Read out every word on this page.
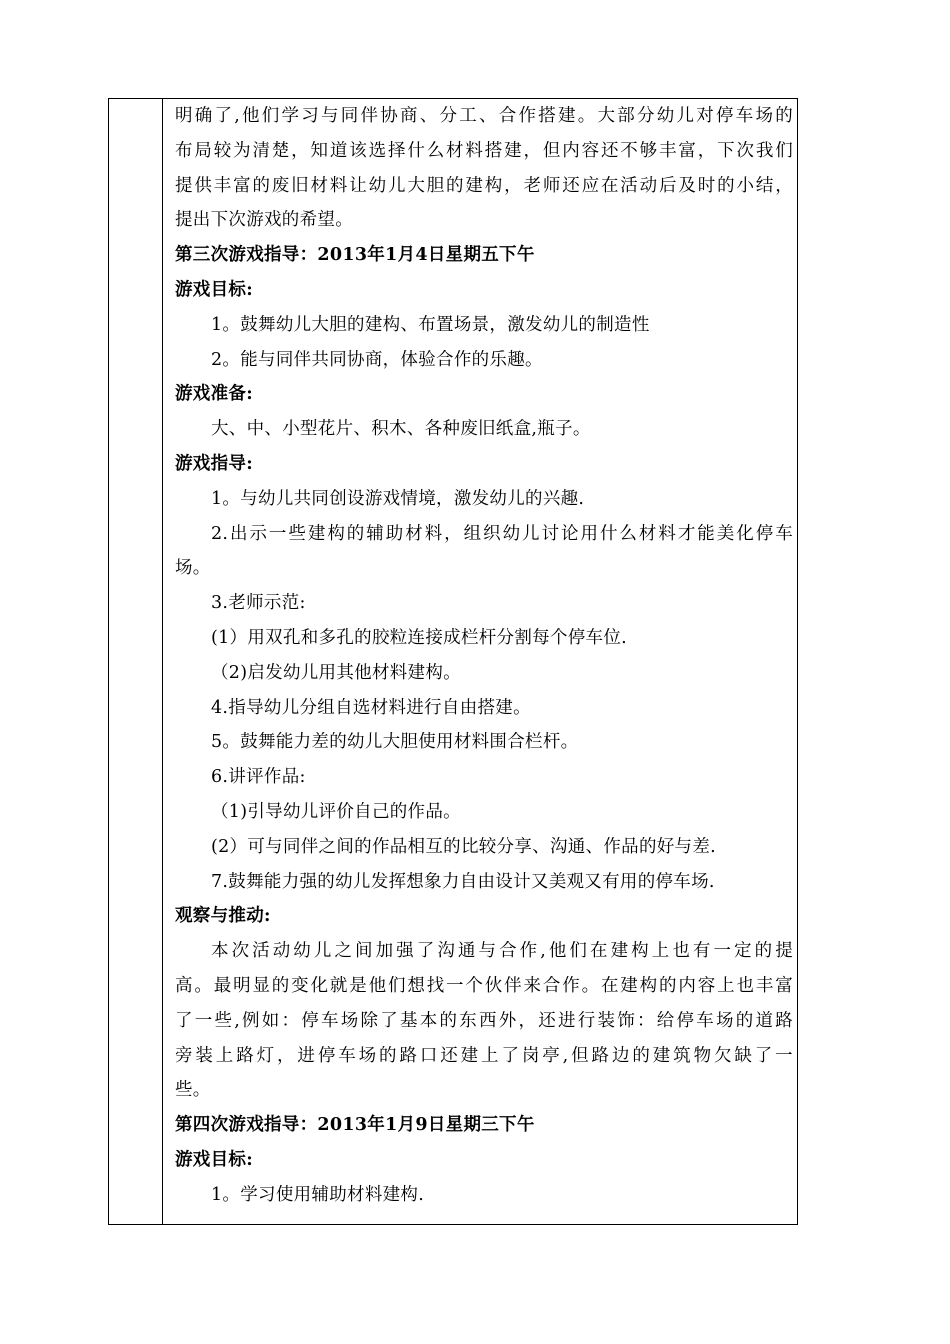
明确了,他们学习与同伴协商、分工、合作搭建。大部分幼儿对停车场的
布局较为清楚，知道该选择什么材料搭建，但内容还不够丰富，下次我们
提供丰富的废旧材料让幼儿大胆的建构，老师还应在活动后及时的小结，
提出下次游戏的希望。
第三次游戏指导：2013年1月4日星期五下午
游戏目标:
1。鼓舞幼儿大胆的建构、布置场景，激发幼儿的制造性
2。能与同伴共同协商，体验合作的乐趣。
游戏准备:
大、中、小型花片、积木、各种废旧纸盒,瓶子。
游戏指导:
1。与幼儿共同创设游戏情境，激发幼儿的兴趣.
2.出示一些建构的辅助材料，组织幼儿讨论用什么材料才能美化停车
场。
3.老师示范:
(1）用双孔和多孔的胶粒连接成栏杆分割每个停车位.
（2)启发幼儿用其他材料建构。
4.指导幼儿分组自选材料进行自由搭建。
5。鼓舞能力差的幼儿大胆使用材料围合栏杆。
6.讲评作品:
（1)引导幼儿评价自己的作品。
(2）可与同伴之间的作品相互的比较分享、沟通、作品的好与差.
7.鼓舞能力强的幼儿发挥想象力自由设计又美观又有用的停车场.
观察与推动:
本次活动幼儿之间加强了沟通与合作,他们在建构上也有一定的提
高。最明显的变化就是他们想找一个伙伴来合作。在建构的内容上也丰富
了一些,例如：停车场除了基本的东西外，还进行装饰：给停车场的道路
旁装上路灯，进停车场的路口还建上了岗亭,但路边的建筑物欠缺了一
些。
第四次游戏指导：2013年1月9日星期三下午
游戏目标:
1。学习使用辅助材料建构.
